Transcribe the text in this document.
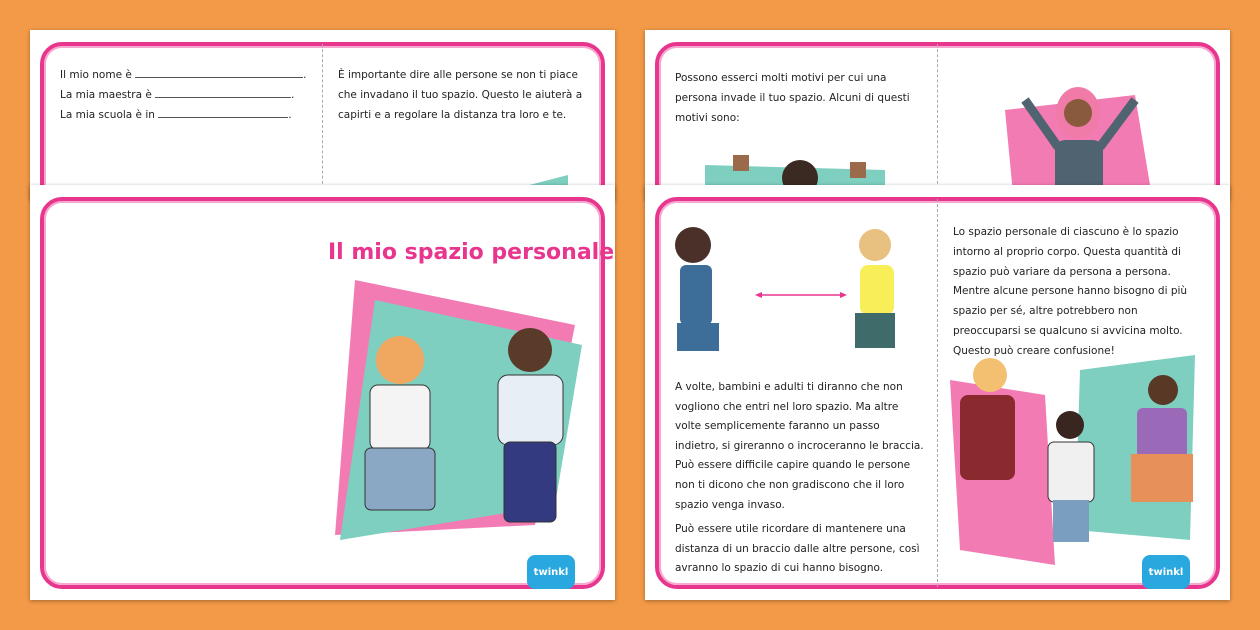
Il mio nome è	.
La mia maestra è	.
La mia scuola è in	.
È importante dire alle persone se non ti piace che invadano il tuo spazio. Questo le aiuterà a capirti e a regolare la distanza tra loro e te.
Possono esserci molti motivi per cui una persona invade il tuo spazio. Alcuni di questi motivi sono:
Il mio spazio personale
twinkl

A volte, bambini e adulti ti diranno che non vogliono che entri nel loro spazio. Ma altre volte semplicemente faranno un passo indietro, si gireranno o incroceranno le braccia. Può essere difficile capire quando le persone non ti dicono che non gradiscono che il loro spazio venga invaso.

Può essere utile ricordare di mantenere una distanza di un braccio dalle altre persone, così avranno lo spazio di cui hanno bisogno.

Lo spazio personale di ciascuno è lo spazio intorno al proprio corpo. Questa quantità di spazio può variare da persona a persona. Mentre alcune persone hanno bisogno di più spazio per sé, altre potrebbero non preoccuparsi se qualcuno si avvicina molto. Questo può creare confusione!
twinkl
